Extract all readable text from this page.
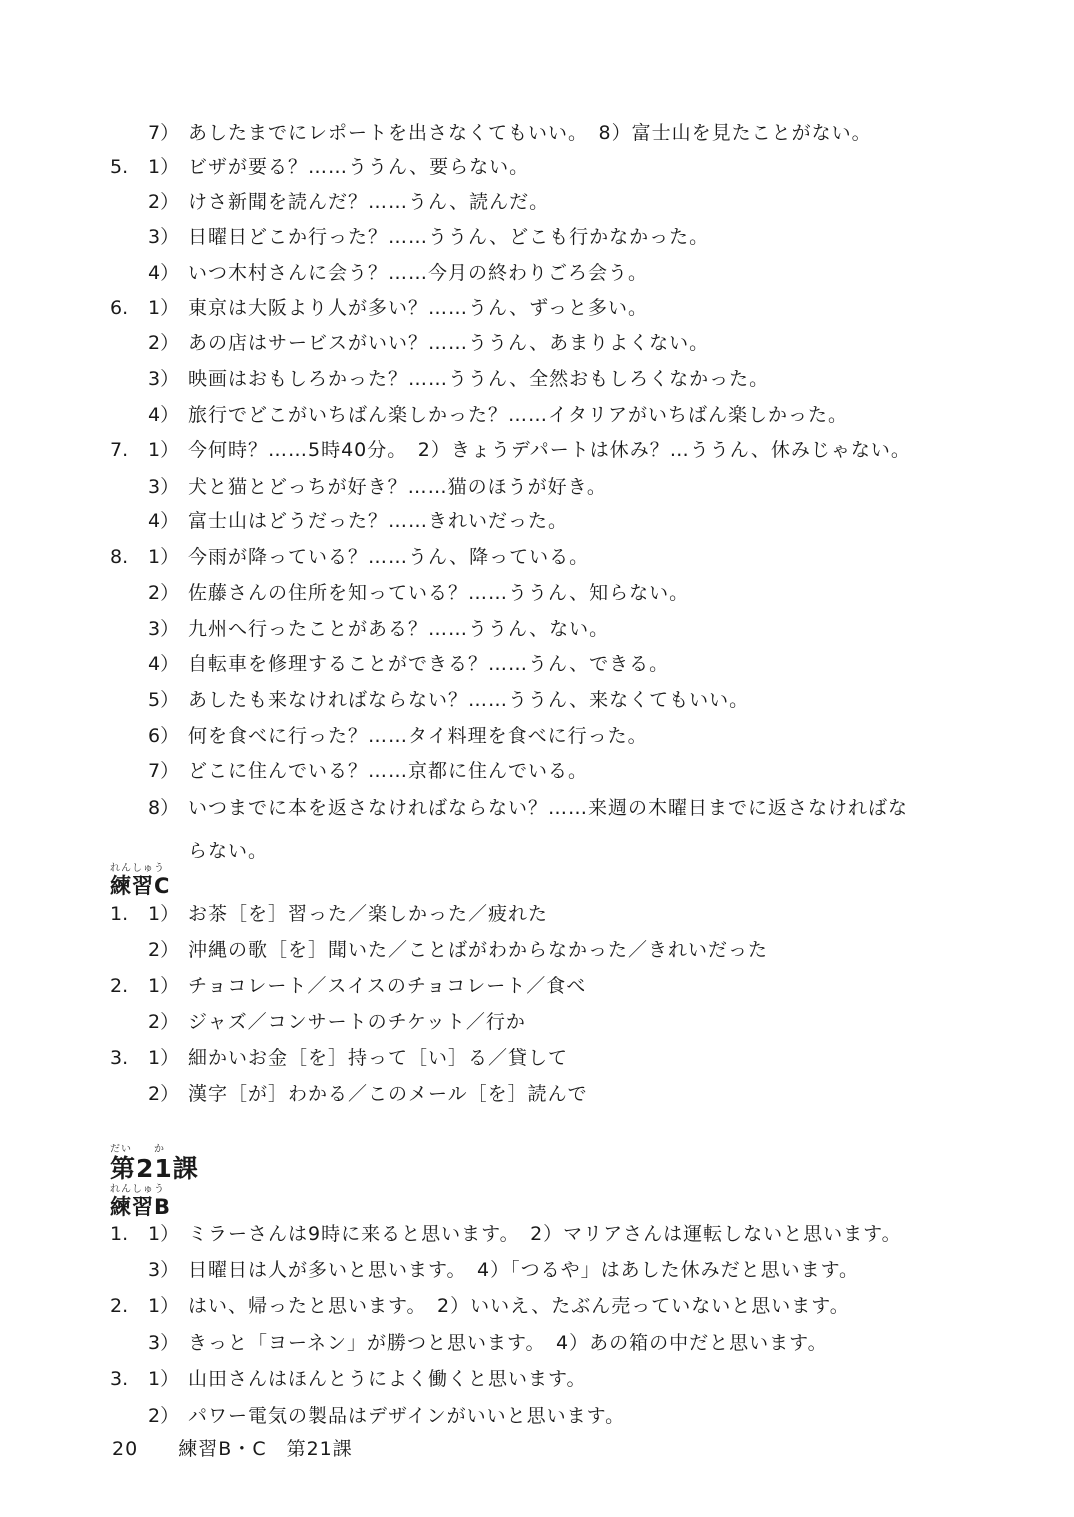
7） あしたまでにレポートを出さなくてもいい。　8）富士山を見たことがない。
5.	1） ビザが要る？……ううん、要らない。
2） けさ新聞を読んだ？……うん、読んだ。
3） 日曜日どこか行った？……ううん、どこも行かなかった。
4） いつ木村さんに会う？……今月の終わりごろ会う。
6.	1） 東京は大阪より人が多い？……うん、ずっと多い。
2） あの店はサービスがいい？……ううん、あまりよくない。
3） 映画はおもしろかった？……ううん、全然おもしろくなかった。
4） 旅行でどこがいちばん楽しかった？……イタリアがいちばん楽しかった。
7.	1） 今何時？……5時40分。　2）きょうデパートは休み？…ううん、休みじゃない。
3） 犬と猫とどっちが好き？……猫のほうが好き。
4） 富士山はどうだった？……きれいだった。
8.	1） 今雨が降っている？……うん、降っている。
2） 佐藤さんの住所を知っている？……ううん、知らない。
3） 九州へ行ったことがある？……ううん、ない。
4） 自転車を修理することができる？……うん、できる。
5） あしたも来なければならない？……ううん、来なくてもいい。
6） 何を食べに行った？……タイ料理を食べに行った。
7） どこに住んでいる？……京都に住んでいる。
8） いつまでに本を返さなければならない？……来週の木曜日までに返さなければな
らない。
れんしゅう
練習C
1.	1） お茶［を］習った／楽しかった／疲れた
2） 沖縄の歌［を］聞いた／ことばがわからなかった／きれいだった
2.	1） チョコレート／スイスのチョコレート／食べ
2） ジャズ／コンサートのチケット／行か
3.	1） 細かいお金［を］持って［い］る／貸して
2） 漢字［が］わかる／このメール［を］読んで
だい　　か
第21課
れんしゅう
練習B
1.	1） ミラーさんは9時に来ると思います。　2）マリアさんは運転しないと思います。
3） 日曜日は人が多いと思います。　4）「つるや」はあした休みだと思います。
2.	1） はい、帰ったと思います。　2）いいえ、たぶん売っていないと思います。
3） きっと「ヨーネン」が勝つと思います。　4）あの箱の中だと思います。
3.	1） 山田さんはほんとうによく働くと思います。
2） パワー電気の製品はデザインがいいと思います。
20 練習B・C　第21課
